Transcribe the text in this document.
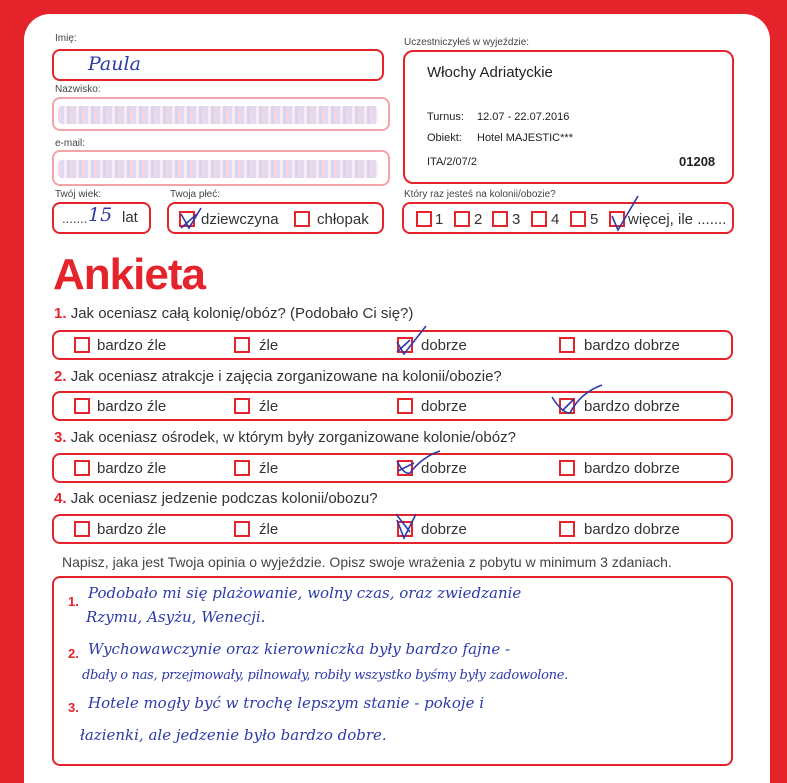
Imię:
Paula
Nazwisko:
e-mail:
Twój wiek:
....... 15 lat
Twoja płeć:
dziewczyna	chłopak
Uczestniczyłeś w wyjeździe:
Włochy Adriatyckie
Turnus: 12.07 - 22.07.2016
Obiekt: Hotel MAJESTIC***
ITA/2/07/2	01208
Który raz jesteś na kolonii/obozie?
1 2 3 4 5 więcej, ile .......
Ankieta
1. Jak oceniasz całą kolonię/obóz? (Podobało Ci się?)
bardzo źle	źle	dobrze	bardzo dobrze
2. Jak oceniasz atrakcje i zajęcia zorganizowane na kolonii/obozie?
bardzo źle	źle	dobrze	bardzo dobrze
3. Jak oceniasz ośrodek, w którym były zorganizowane kolonie/obóz?
bardzo źle	źle	dobrze	bardzo dobrze
4. Jak oceniasz jedzenie podczas kolonii/obozu?
bardzo źle	źle	dobrze	bardzo dobrze
Napisz, jaka jest Twoja opinia o wyjeździe. Opisz swoje wrażenia z pobytu w minimum 3 zdaniach.
1. Podobało mi się plażowanie, wolny czas, oraz zwiedzanie
Rzymu, Asyżu, Wenecji.
2. Wychowawczynie oraz kierowniczka były bardzo fajne -
dbały o nas, przejmowały, pilnowały, robiły wszystko byśmy były zadowolone.
3. Hotele mogły być w trochę lepszym stanie - pokoje i
łazienki, ale jedzenie było bardzo dobre.
